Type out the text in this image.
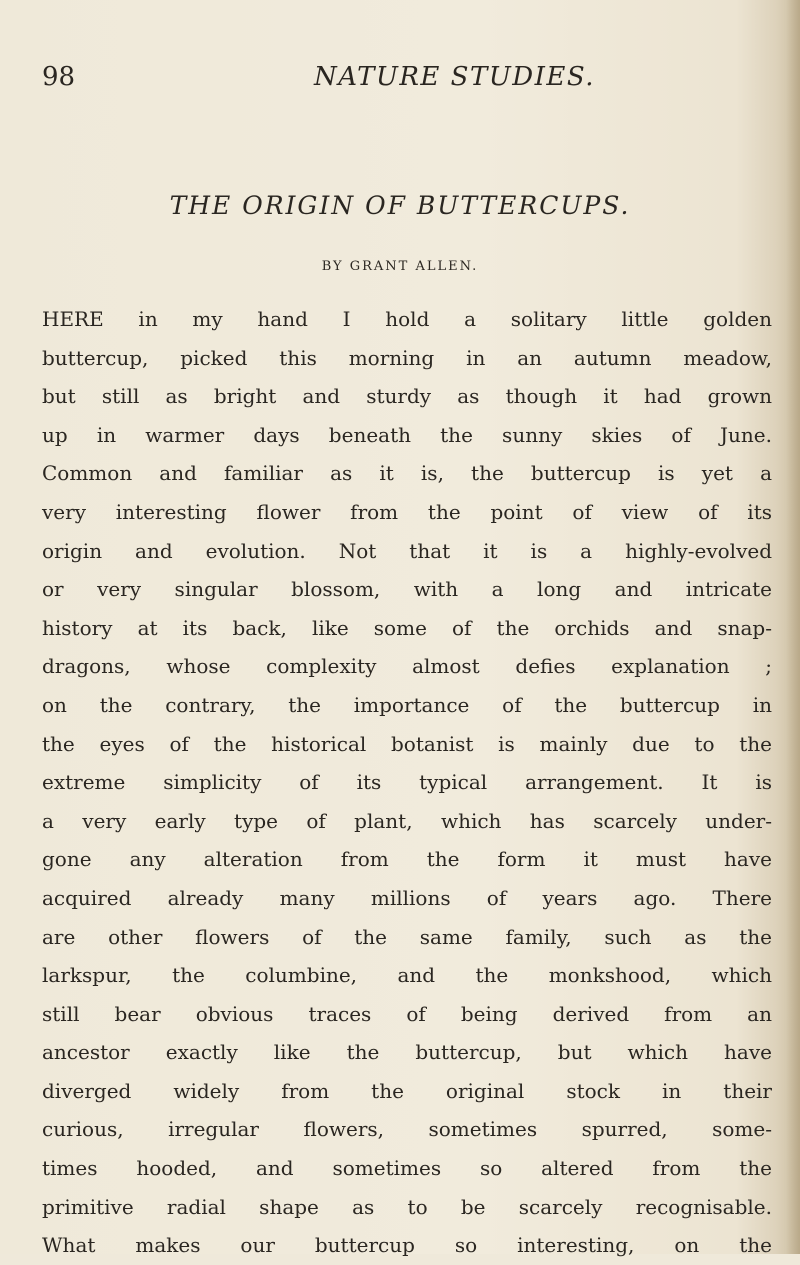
98	NATURE STUDIES.
THE ORIGIN OF BUTTERCUPS.
BY GRANT ALLEN.
HERE in my hand I hold a solitary little golden
buttercup, picked this morning in an autumn meadow,
but still as bright and sturdy as though it had grown
up in warmer days beneath the sunny skies of June.
Common and familiar as it is, the buttercup is yet a
very interesting flower from the point of view of its
origin and evolution. Not that it is a highly-evolved
or very singular blossom, with a long and intricate
history at its back, like some of the orchids and snap-
dragons, whose complexity almost defies explanation ;
on the contrary, the importance of the buttercup in
the eyes of the historical botanist is mainly due to the
extreme simplicity of its typical arrangement. It is
a very early type of plant, which has scarcely under-
gone any alteration from the form it must have
acquired already many millions of years ago. There
are other flowers of the same family, such as the
larkspur, the columbine, and the monkshood, which
still bear obvious traces of being derived from an
ancestor exactly like the buttercup, but which have
diverged widely from the original stock in their
curious, irregular flowers, sometimes spurred, some-
times hooded, and sometimes so altered from the
primitive radial shape as to be scarcely recognisable.
What makes our buttercup so interesting, on the
